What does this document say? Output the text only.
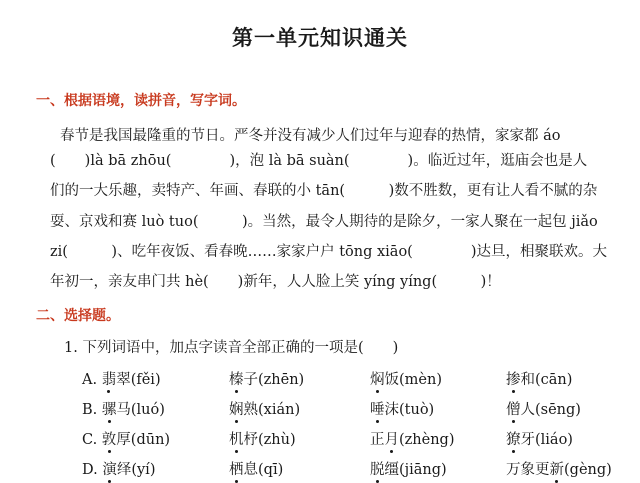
第一单元知识通关
一、根据语境，读拼音，写字词。
春节是我国最隆重的节日。严冬并没有减少人们过年与迎春的热情，家家都 áo
(　　)là bā zhōu(　　　　)，泡 là bā suàn(　　　　)。临近过年，逛庙会也是人
们的一大乐趣，卖特产、年画、春联的小 tān(　　　)数不胜数，更有让人看不腻的杂
耍、京戏和赛 luò tuo(　　　)。当然，最令人期待的是除夕，一家人聚在一起包 jiǎo
zi(　　　)、吃年夜饭、看春晚……家家户户 tōng xiāo(　　　　)达旦，相聚联欢。大
年初一，亲友串门共 hè(　　)新年，人人脸上笑 yíng yíng(　　　)！
二、选择题。
1. 下列词语中，加点字读音全部正确的一项是(　　)
A. 翡翠(fěi)	榛子(zhēn)	焖饭(mèn)	掺和(cān)
B. 骡马(luó)	娴熟(xián)	唾沫(tuò)	僧人(sēng)
C. 敦厚(dūn)	机杼(zhù)	正月(zhèng)	獠牙(liáo)
D. 演绎(yí)	栖息(qī)	脱缰(jiāng)	万象更新(gèng)
